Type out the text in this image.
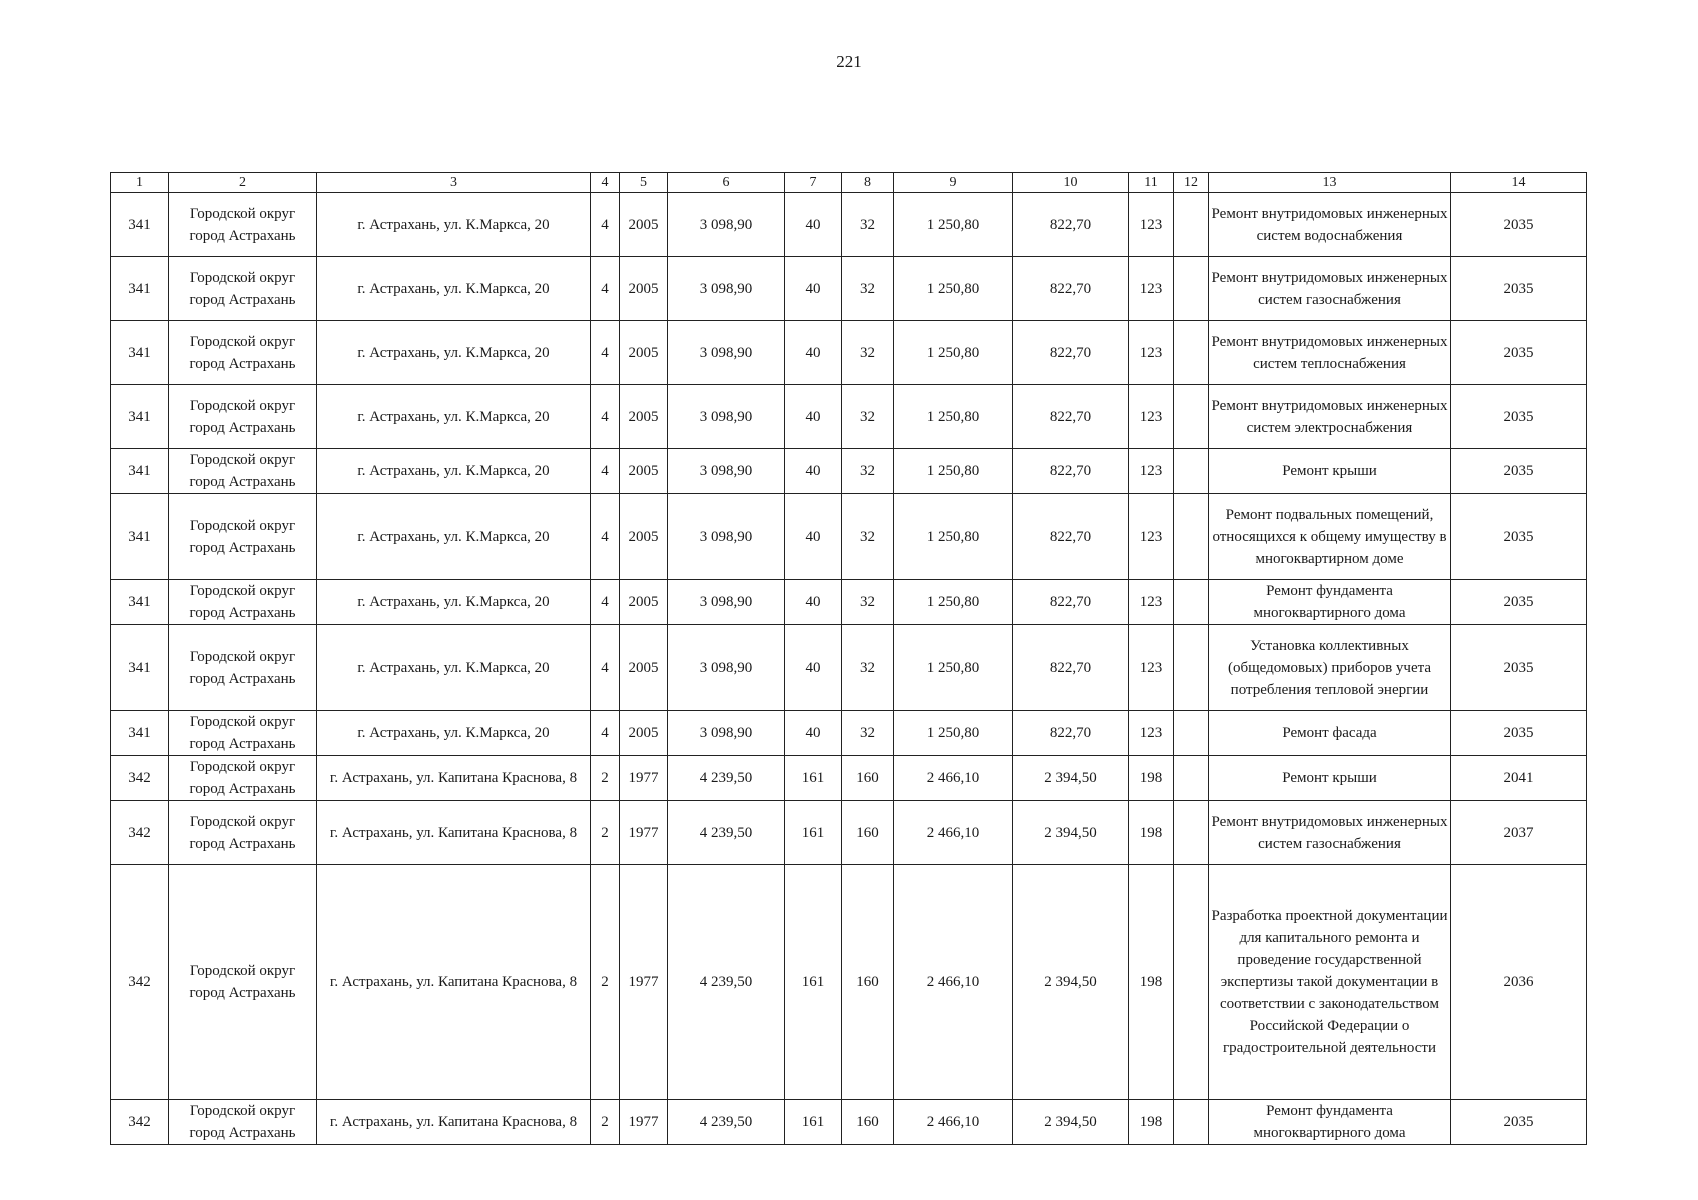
221
1	2	3	4	5	6	7	8	9	10	11	12	13	14
341	Городской округ город Астрахань	г. Астрахань, ул. К.Маркса, 20	4	2005	3 098,90	40	32	1 250,80	822,70	123		Ремонт внутридомовых инженерных систем водоснабжения	2035
341	Городской округ город Астрахань	г. Астрахань, ул. К.Маркса, 20	4	2005	3 098,90	40	32	1 250,80	822,70	123		Ремонт внутридомовых инженерных систем газоснабжения	2035
341	Городской округ город Астрахань	г. Астрахань, ул. К.Маркса, 20	4	2005	3 098,90	40	32	1 250,80	822,70	123		Ремонт внутридомовых инженерных систем теплоснабжения	2035
341	Городской округ город Астрахань	г. Астрахань, ул. К.Маркса, 20	4	2005	3 098,90	40	32	1 250,80	822,70	123		Ремонт внутридомовых инженерных систем электроснабжения	2035
341	Городской округ город Астрахань	г. Астрахань, ул. К.Маркса, 20	4	2005	3 098,90	40	32	1 250,80	822,70	123		Ремонт крыши	2035
341	Городской округ город Астрахань	г. Астрахань, ул. К.Маркса, 20	4	2005	3 098,90	40	32	1 250,80	822,70	123		Ремонт подвальных помещений, относящихся к общему имуществу в многоквартирном доме	2035
341	Городской округ город Астрахань	г. Астрахань, ул. К.Маркса, 20	4	2005	3 098,90	40	32	1 250,80	822,70	123		Ремонт фундамента многоквартирного дома	2035
341	Городской округ город Астрахань	г. Астрахань, ул. К.Маркса, 20	4	2005	3 098,90	40	32	1 250,80	822,70	123		Установка коллективных (общедомовых) приборов учета потребления тепловой энергии	2035
341	Городской округ город Астрахань	г. Астрахань, ул. К.Маркса, 20	4	2005	3 098,90	40	32	1 250,80	822,70	123		Ремонт фасада	2035
342	Городской округ город Астрахань	г. Астрахань, ул. Капитана Краснова, 8	2	1977	4 239,50	161	160	2 466,10	2 394,50	198		Ремонт крыши	2041
342	Городской округ город Астрахань	г. Астрахань, ул. Капитана Краснова, 8	2	1977	4 239,50	161	160	2 466,10	2 394,50	198		Ремонт внутридомовых инженерных систем газоснабжения	2037
342	Городской округ город Астрахань	г. Астрахань, ул. Капитана Краснова, 8	2	1977	4 239,50	161	160	2 466,10	2 394,50	198		Разработка проектной документации для капитального ремонта и проведение государственной экспертизы такой документации в соответствии с законодательством Российской Федерации о градостроительной деятельности	2036
342	Городской округ город Астрахань	г. Астрахань, ул. Капитана Краснова, 8	2	1977	4 239,50	161	160	2 466,10	2 394,50	198		Ремонт фундамента многоквартирного дома	2035
